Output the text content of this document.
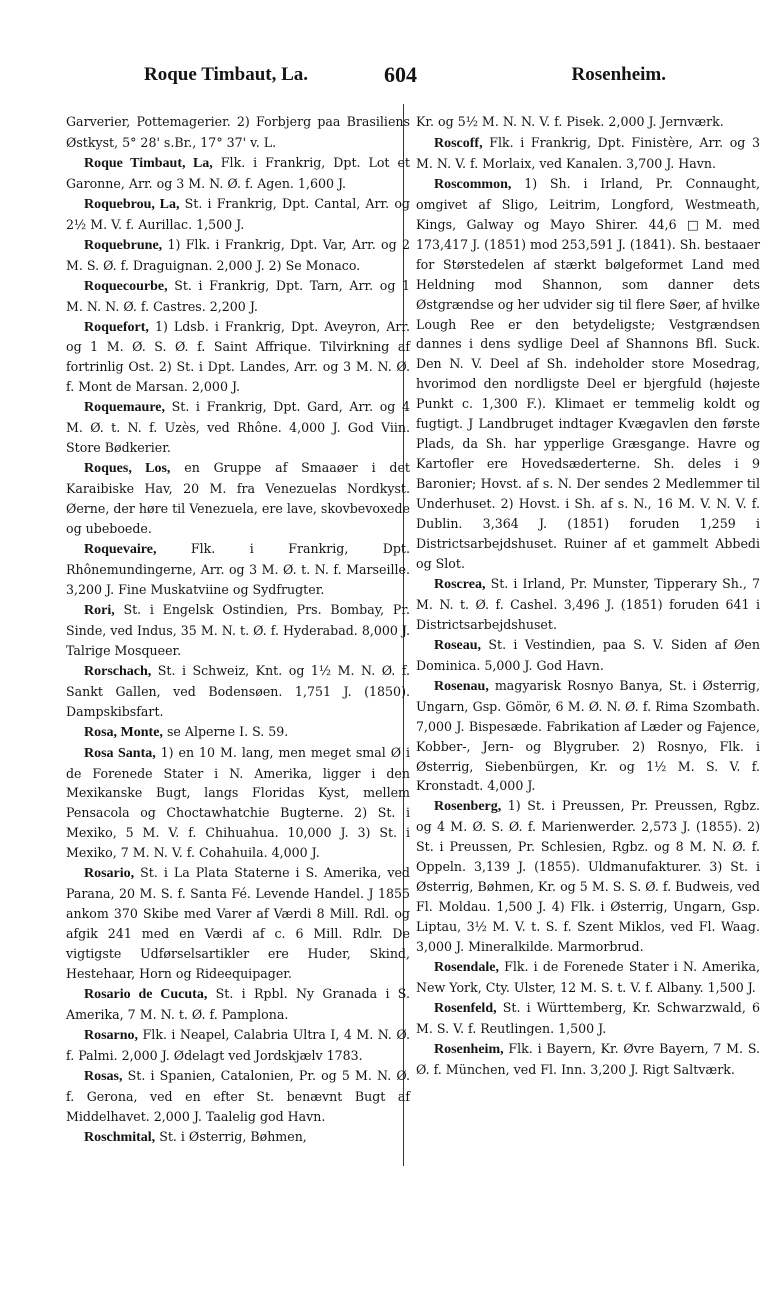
Roque Timbaut, La.	604	Rosenheim.

Garverier, Pottemagerier. 2) Forbjerg paa Brasiliens Østkyst, 5° 28' s.Br., 17° 37' v. L.

Roque Timbaut, La, Flk. i Frankrig, Dpt. Lot et Garonne, Arr. og 3 M. N. Ø. f. Agen. 1,600 J.

Roquebrou, La, St. i Frankrig, Dpt. Cantal, Arr. og 2½ M. V. f. Aurillac. 1,500 J.

Roquebrune, 1) Flk. i Frankrig, Dpt. Var, Arr. og 2 M. S. Ø. f. Draguignan. 2,000 J. 2) Se Monaco.

Roquecourbe, St. i Frankrig, Dpt. Tarn, Arr. og 1 M. N. N. Ø. f. Castres. 2,200 J.

Roquefort, 1) Ldsb. i Frankrig, Dpt. Aveyron, Arr. og 1 M. Ø. S. Ø. f. Saint Affrique. Tilvirkning af fortrinlig Ost. 2) St. i Dpt. Landes, Arr. og 3 M. N. Ø. f. Mont de Marsan. 2,000 J.

Roquemaure, St. i Frankrig, Dpt. Gard, Arr. og 4 M. Ø. t. N. f. Uzès, ved Rhône. 4,000 J. God Viin. Store Bødkerier.

Roques, Los, en Gruppe af Smaaøer i det Karaibiske Hav, 20 M. fra Venezuelas Nordkyst. Øerne, der høre til Venezuela, ere lave, skovbevoxede og ubeboede.

Roquevaire,	Flk. i Frankrig, Dpt. Rhônemundingerne, Arr. og 3 M. Ø. t. N. f. Marseille. 3,200 J. Fine Muskatviine og Sydfrugter.

Rori, St. i Engelsk Ostindien, Prs. Bombay, Pr. Sinde, ved Indus, 35 M. N. t. Ø. f. Hyderabad. 8,000 J. Talrige Mosqueer.

Rorschach, St. i Schweiz, Knt. og 1½ M. N. Ø. f. Sankt Gallen, ved Bodensøen. 1,751 J. (1850). Dampskibsfart.

Rosa, Monte, se Alperne I. S. 59.

Rosa Santa, 1) en 10 M. lang, men meget smal Ø i de Forenede Stater i N. Amerika, ligger i den Mexikanske Bugt, langs Floridas Kyst, mellem Pensacola og Choctawhatchie Bugterne. 2) St. i Mexiko, 5 M. V. f. Chihuahua. 10,000 J. 3) St. i Mexiko, 7 M. N. V. f. Cohahuila. 4,000 J.

Rosario, St. i La Plata Staterne i S. Amerika, ved Parana, 20 M. S. f. Santa Fé. Levende Handel. J 1855 ankom 370 Skibe med Varer af Værdi 8 Mill. Rdl. og afgik 241 med en Værdi af c. 6 Mill. Rdlr. De vigtigste Udførselsartikler ere Huder, Skind, Hestehaar, Horn og Rideequipager.

Rosario de Cucuta, St. i Rpbl. Ny Granada i S. Amerika, 7 M. N. t. Ø. f. Pamplona.

Rosarno, Flk. i Neapel, Calabria Ultra I, 4 M. N. Ø. f. Palmi. 2,000 J. Ødelagt ved Jordskjælv 1783.

Rosas, St. i Spanien, Catalonien, Pr. og 5 M. N. Ø. f. Gerona, ved en efter St. benævnt Bugt af Middelhavet. 2,000 J. Taalelig god Havn.

Roschmital, St. i Østerrig, Bøhmen,

Kr. og 5½ M. N. N. V. f. Pisek. 2,000 J. Jernværk.

Roscoff, Flk. i Frankrig, Dpt. Finistère, Arr. og 3 M. N. V. f. Morlaix, ved Kanalen. 3,700 J. Havn.

Roscommon, 1) Sh. i Irland, Pr. Connaught, omgivet af Sligo, Leitrim, Longford, Westmeath, Kings, Galway og Mayo Shirer. 44,6 □M. med 173,417 J. (1851) mod 253,591 J. (1841). Sh. bestaaer for Størstedelen af stærkt bølgeformet Land med Heldning mod Shannon, som danner dets Østgrændse og her udvider sig til flere Søer, af hvilke Lough Ree er den betydeligste; Vestgrændsen dannes i dens sydlige Deel af Shannons Bfl. Suck. Den N. V. Deel af Sh. indeholder store Mosedrag, hvorimod den nordligste Deel er bjergfuld (højeste Punkt c. 1,300 F.). Klimaet er temmelig koldt og fugtigt. J Landbruget indtager Kvægavlen den første Plads, da Sh. har ypperlige Græsgange. Havre og Kartofler ere Hovedsæderterne. Sh. deles i 9 Baronier; Hovst. af s. N. Der sendes 2 Medlemmer til Underhuset. 2) Hovst. i Sh. af s. N., 16 M. V. N. V. f. Dublin. 3,364 J. (1851) foruden 1,259 i Districtsarbejdshuset. Ruiner af et gammelt Abbedi og Slot.

Roscrea, St. i Irland, Pr. Munster, Tipperary Sh., 7 M. N. t. Ø. f. Cashel. 3,496 J. (1851) foruden 641 i Districtsarbejdshuset.

Roseau, St. i Vestindien, paa S. V. Siden af Øen Dominica. 5,000 J. God Havn.

Rosenau, magyarisk Rosnyo Banya, St. i Østerrig, Ungarn, Gsp. Gömör, 6 M. Ø. N. Ø. f. Rima Szombath. 7,000 J. Bispesæde. Fabrikation af Læder og Fajence, Kobber-, Jern- og Blygruber. 2) Rosnyo, Flk. i Østerrig, Siebenbürgen, Kr. og 1½ M. S. V. f. Kronstadt. 4,000 J.

Rosenberg, 1) St. i Preussen, Pr. Preussen, Rgbz. og 4 M. Ø. S. Ø. f. Marienwerder. 2,573 J. (1855). 2) St. i Preussen, Pr. Schlesien, Rgbz. og 8 M. N. Ø. f. Oppeln. 3,139 J. (1855). Uldmanufakturer. 3) St. i Østerrig, Bøhmen, Kr. og 5 M. S. S. Ø. f. Budweis, ved Fl. Moldau. 1,500 J. 4) Flk. i Østerrig, Ungarn, Gsp. Liptau, 3½ M. V. t. S. f. Szent Miklos, ved Fl. Waag. 3,000 J. Mineralkilde. Marmorbrud.

Rosendale, Flk. i de Forenede Stater i N. Amerika, New York, Cty. Ulster, 12 M. S. t. V. f. Albany. 1,500 J.

Rosenfeld, St. i Württemberg, Kr. Schwarzwald, 6 M. S. V. f. Reutlingen. 1,500 J.

Rosenheim, Flk. i Bayern, Kr. Øvre Bayern, 7 M. S. Ø. f. München, ved Fl. Inn. 3,200 J. Rigt Saltværk.
